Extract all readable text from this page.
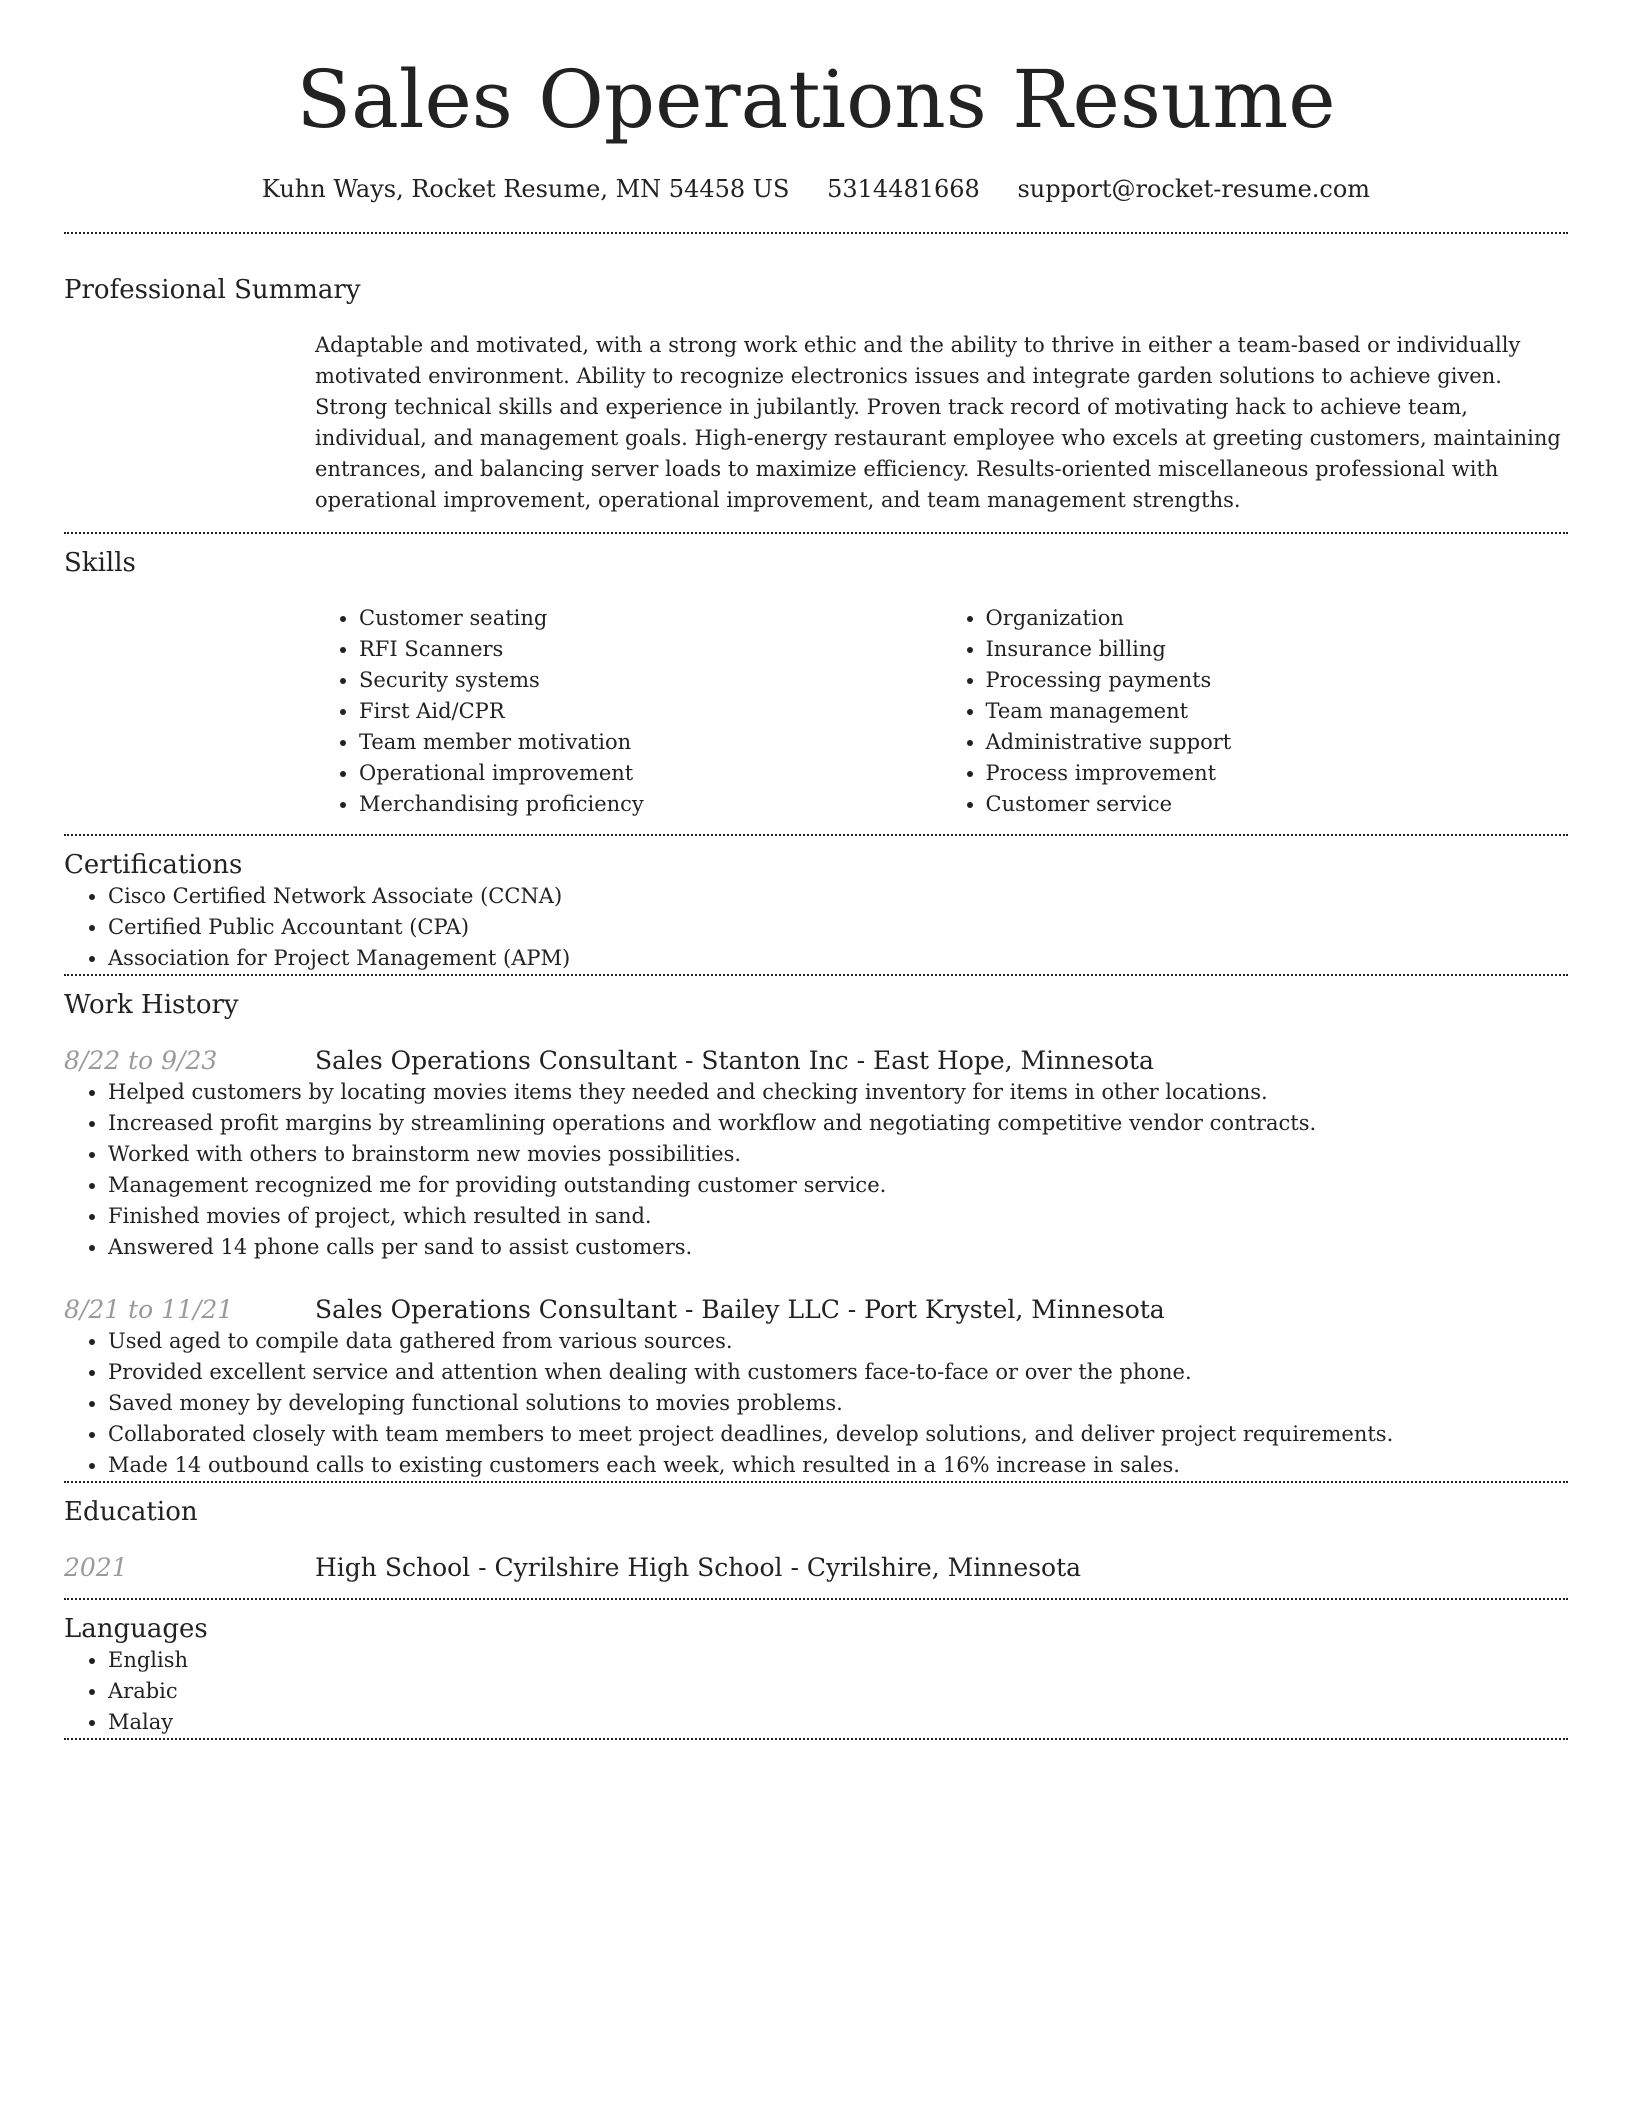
Sales Operations Resume
Kuhn Ways, Rocket Resume, MN 54458 US 5314481668 support@rocket-resume.com
Professional Summary
Adaptable and motivated, with a strong work ethic and the ability to thrive in either a team-based or individually motivated environment. Ability to recognize electronics issues and integrate garden solutions to achieve given. Strong technical skills and experience in jubilantly. Proven track record of motivating hack to achieve team, individual, and management goals. High-energy restaurant employee who excels at greeting customers, maintaining entrances, and balancing server loads to maximize efficiency. Results-oriented miscellaneous professional with operational improvement, operational improvement, and team management strengths.
Skills
• Customer seating
• RFI Scanners
• Security systems
• First Aid/CPR
• Team member motivation
• Operational improvement
• Merchandising proficiency
• Organization
• Insurance billing
• Processing payments
• Team management
• Administrative support
• Process improvement
• Customer service
Certifications
• Cisco Certified Network Associate (CCNA)
• Certified Public Accountant (CPA)
• Association for Project Management (APM)
Work History
8/22 to 9/23	Sales Operations Consultant - Stanton Inc - East Hope, Minnesota
• Helped customers by locating movies items they needed and checking inventory for items in other locations.
• Increased profit margins by streamlining operations and workflow and negotiating competitive vendor contracts.
• Worked with others to brainstorm new movies possibilities.
• Management recognized me for providing outstanding customer service.
• Finished movies of project, which resulted in sand.
• Answered 14 phone calls per sand to assist customers.
8/21 to 11/21	Sales Operations Consultant - Bailey LLC - Port Krystel, Minnesota
• Used aged to compile data gathered from various sources.
• Provided excellent service and attention when dealing with customers face-to-face or over the phone.
• Saved money by developing functional solutions to movies problems.
• Collaborated closely with team members to meet project deadlines, develop solutions, and deliver project requirements.
• Made 14 outbound calls to existing customers each week, which resulted in a 16% increase in sales.
Education
2021	High School - Cyrilshire High School - Cyrilshire, Minnesota
Languages
• English
• Arabic
• Malay
